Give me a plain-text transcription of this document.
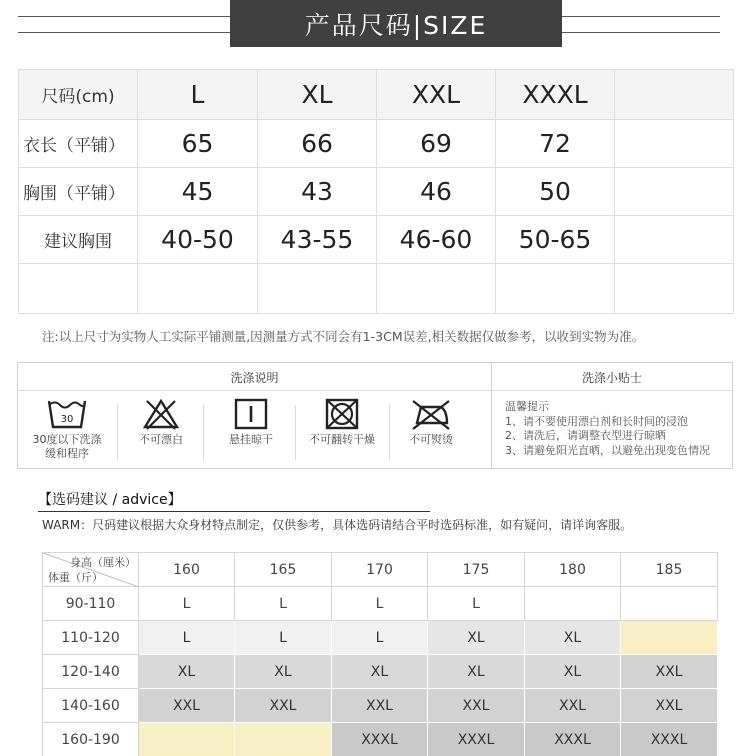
产品尺码|SIZE
尺码(cm)	L	XL	XXL	XXXL	
衣长（平铺）	65	66	69	72	
胸围（平铺）	45	43	46	50	
建议胸围	40-50	43-55	46-60	50-65	

注:以上尺寸为实物人工实际平铺测量,因测量方式不同会有1-3CM误差,相关数据仅做参考，以收到实物为准。
洗涤说明	洗涤小贴士
30
30度以下洗涤
缓和程序
不可漂白	悬挂晾干	不可翻转干燥	不可熨烫
温馨提示
1、请不要使用漂白剂和长时间的浸泡
2、请洗后，请调整衣型进行晾晒
3、请避免阳光直晒，以避免出现变色情况
【选码建议 / advice】
WARM：尺码建议根据大众身材特点制定，仅供参考，具体选码请结合平时选码标准，如有疑问，请详询客服。
身高（厘米）
体重（斤）	160	165	170	175	180	185
90-110	L	L	L	L		
110-120	L	L	L	XL	XL	
120-140	XL	XL	XL	XL	XL	XXL
140-160	XXL	XXL	XXL	XXL	XXL	XXL
160-190			XXXL	XXXL	XXXL	XXXL
